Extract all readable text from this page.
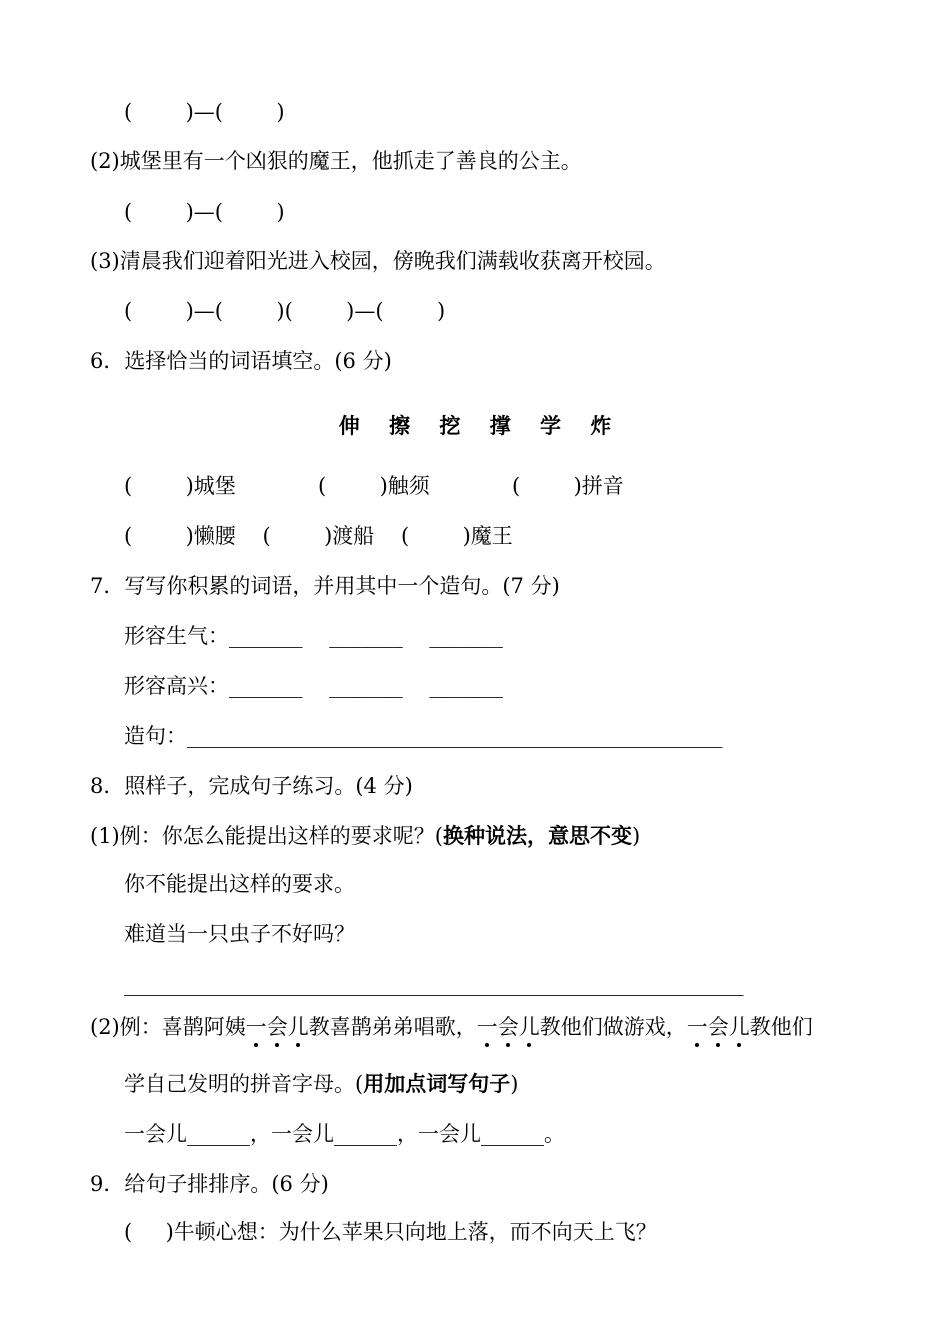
(        )—(        )
(2)城堡里有一个凶狠的魔王，他抓走了善良的公主。
(        )—(        )
(3)清晨我们迎着阳光进入校园，傍晚我们满载收获离开校园。
(        )—(        )(        )—(        )
6．选择恰当的词语填空。(6 分)
伸 擦 挖 撑 学 炸
(        )城堡	(        )触须	(        )拼音
(        )懒腰    (        )渡船    (        )魔王
7．写写你积累的词语，并用其中一个造句。(7 分)
形容生气：_______    _______    _______
形容高兴：_______    _______    _______
造句：___________________________________________________
8．照样子，完成句子练习。(4 分)
(1)例：你怎么能提出这样的要求呢？(换种说法，意思不变)
你不能提出这样的要求。
难道当一只虫子不好吗？
___________________________________________________________
(2)例：喜鹊阿姨一
会
儿
教喜鹊弟弟唱歌，一
会
儿
教他们做游戏，一
会
儿
教他们
学自己发明的拼音字母。(用加点词写句子)
一会儿______，一会儿______，一会儿______。
9．给句子排排序。(6 分)
(     )牛顿心想：为什么苹果只向地上落，而不向天上飞？
